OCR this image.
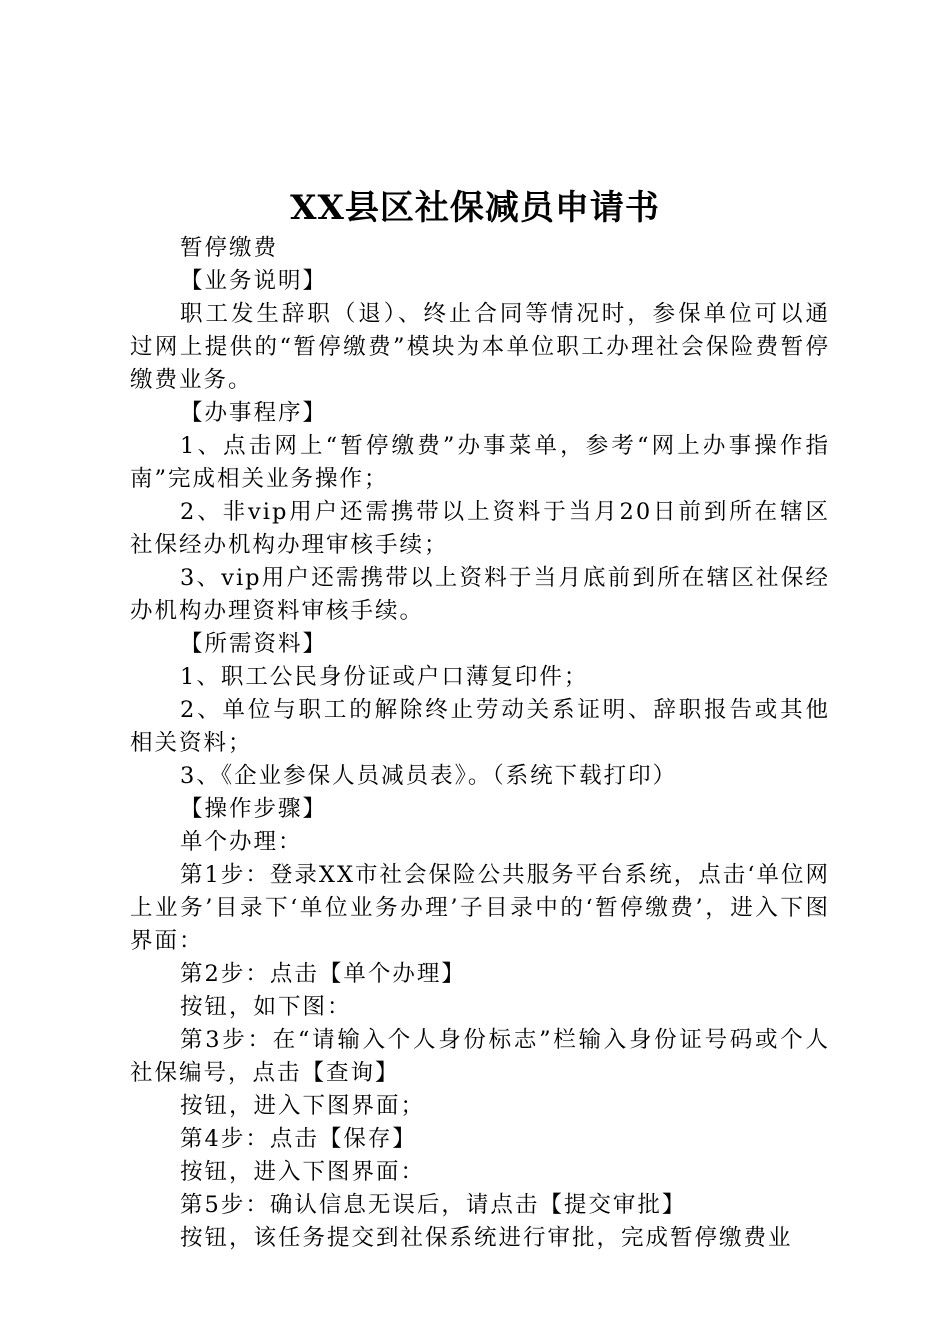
XX县区社保减员申请书

暂停缴费

【业务说明】

职工发生辞职（退）、终止合同等情况时，参保单位可以通过网上提供的“暂停缴费”模块为本单位职工办理社会保险费暂停缴费业务。

【办事程序】

1、点击网上“暂停缴费”办事菜单，参考“网上办事操作指南”完成相关业务操作；

2、非vip用户还需携带以上资料于当月20日前到所在辖区社保经办机构办理审核手续；

3、vip用户还需携带以上资料于当月底前到所在辖区社保经办机构办理资料审核手续。

【所需资料】

1、职工公民身份证或户口薄复印件；

2、单位与职工的解除终止劳动关系证明、辞职报告或其他相关资料；

3、《企业参保人员减员表》。（系统下载打印）

【操作步骤】

单个办理：

第1步：登录XX市社会保险公共服务平台系统，点击‘单位网上业务’目录下‘单位业务办理’子目录中的‘暂停缴费’，进入下图界面：

第2步：点击【单个办理】

按钮，如下图：

第3步：在“请输入个人身份标志”栏输入身份证号码或个人社保编号，点击【查询】

按钮，进入下图界面；

第4步：点击【保存】

按钮，进入下图界面：

第5步：确认信息无误后，请点击【提交审批】

按钮，该任务提交到社保系统进行审批，完成暂停缴费业
